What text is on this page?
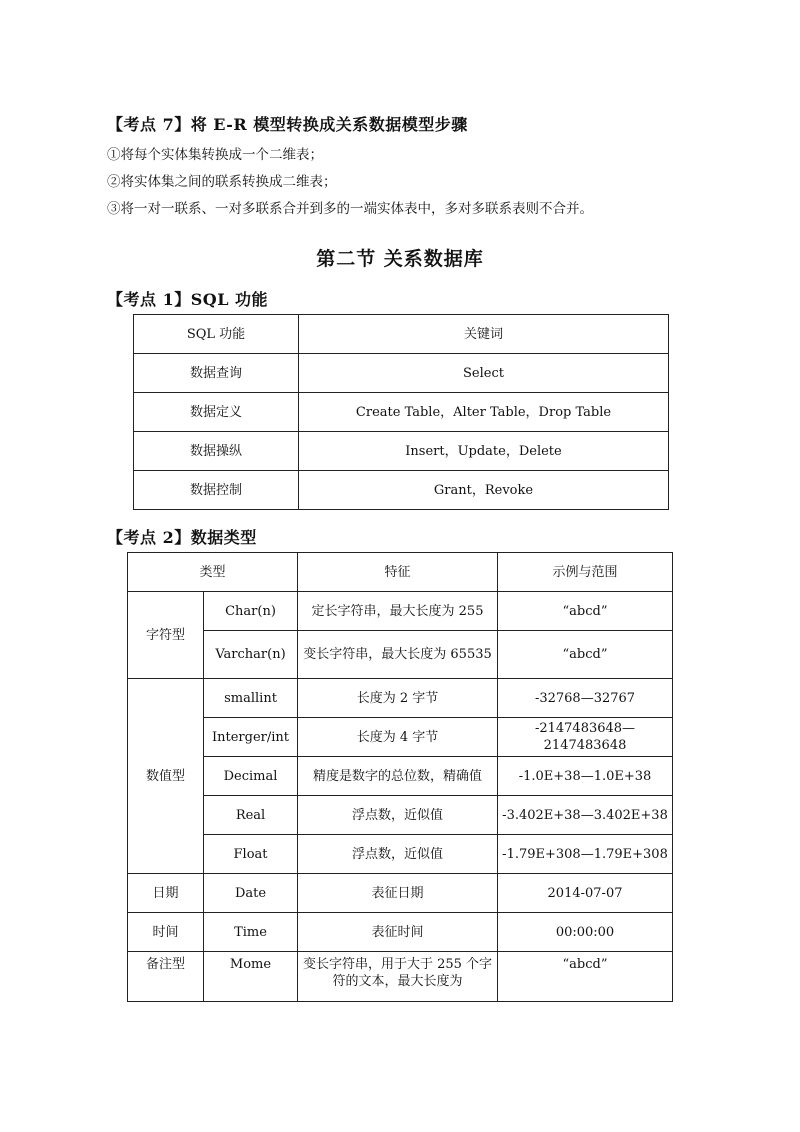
【考点 7】将 E-R 模型转换成关系数据模型步骤
①将每个实体集转换成一个二维表；
②将实体集之间的联系转换成二维表；
③将一对一联系、一对多联系合并到多的一端实体表中，多对多联系表则不合并。
第二节 关系数据库
【考点 1】SQL 功能
SQL 功能	关键词
数据查询	Select
数据定义	Create Table，Alter Table，Drop Table
数据操纵	Insert，Update，Delete
数据控制	Grant，Revoke
【考点 2】数据类型
类型		特征	示例与范围
字符型	Char(n)	定长字符串，最大长度为 255	“abcd”
	Varchar(n)	变长字符串，最大长度为 65535	“abcd”
数值型	smallint	长度为 2 字节	-32768—32767
	Interger/int	长度为 4 字节	-2147483648—2147483648
	Decimal	精度是数字的总位数，精确值	-1.0E+38—1.0E+38
	Real	浮点数，近似值	-3.402E+38—3.402E+38
	Float	浮点数，近似值	-1.79E+308—1.79E+308
日期	Date	表征日期	2014-07-07
时间	Time	表征时间	00:00:00
备注型	Mome	变长字符串，用于大于 255 个字符的文本，最大长度为	“abcd”
